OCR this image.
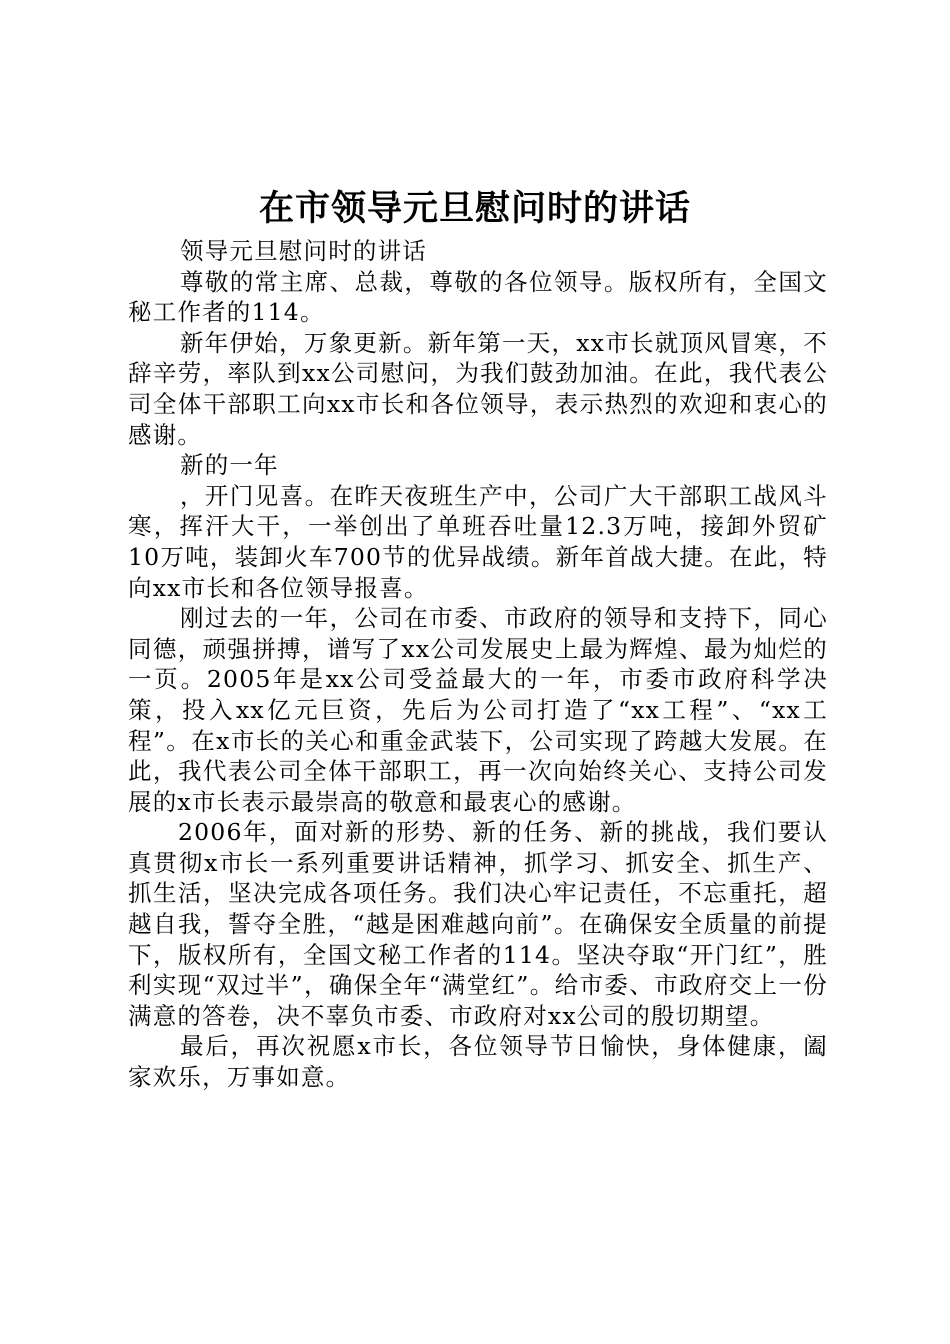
在市领导元旦慰问时的讲话

领导元旦慰问时的讲话

尊敬的常主席、总裁，尊敬的各位领导。版权所有，全国文秘工作者的114。

新年伊始，万象更新。新年第一天，xx市长就顶风冒寒，不辞辛劳，率队到xx公司慰问，为我们鼓劲加油。在此，我代表公司全体干部职工向xx市长和各位领导，表示热烈的欢迎和衷心的感谢。

新的一年

，开门见喜。在昨天夜班生产中，公司广大干部职工战风斗寒，挥汗大干，一举创出了单班吞吐量12.3万吨，接卸外贸矿10万吨，装卸火车700节的优异战绩。新年首战大捷。在此，特向xx市长和各位领导报喜。

刚过去的一年，公司在市委、市政府的领导和支持下，同心同德，顽强拼搏，谱写了xx公司发展史上最为辉煌、最为灿烂的一页。2005年是xx公司受益最大的一年，市委市政府科学决策，投入xx亿元巨资，先后为公司打造了“xx工程”、“xx工程”。在x市长的关心和重金武装下，公司实现了跨越大发展。在此，我代表公司全体干部职工，再一次向始终关心、支持公司发展的x市长表示最崇高的敬意和最衷心的感谢。

2006年，面对新的形势、新的任务、新的挑战，我们要认真贯彻x市长一系列重要讲话精神，抓学习、抓安全、抓生产、抓生活，坚决完成各项任务。我们决心牢记责任，不忘重托，超越自我，誓夺全胜，“越是困难越向前”。在确保安全质量的前提下，版权所有，全国文秘工作者的114。坚决夺取“开门红”，胜利实现“双过半”，确保全年“满堂红”。给市委、市政府交上一份满意的答卷，决不辜负市委、市政府对xx公司的殷切期望。

最后，再次祝愿x市长，各位领导节日愉快，身体健康，阖家欢乐，万事如意。
